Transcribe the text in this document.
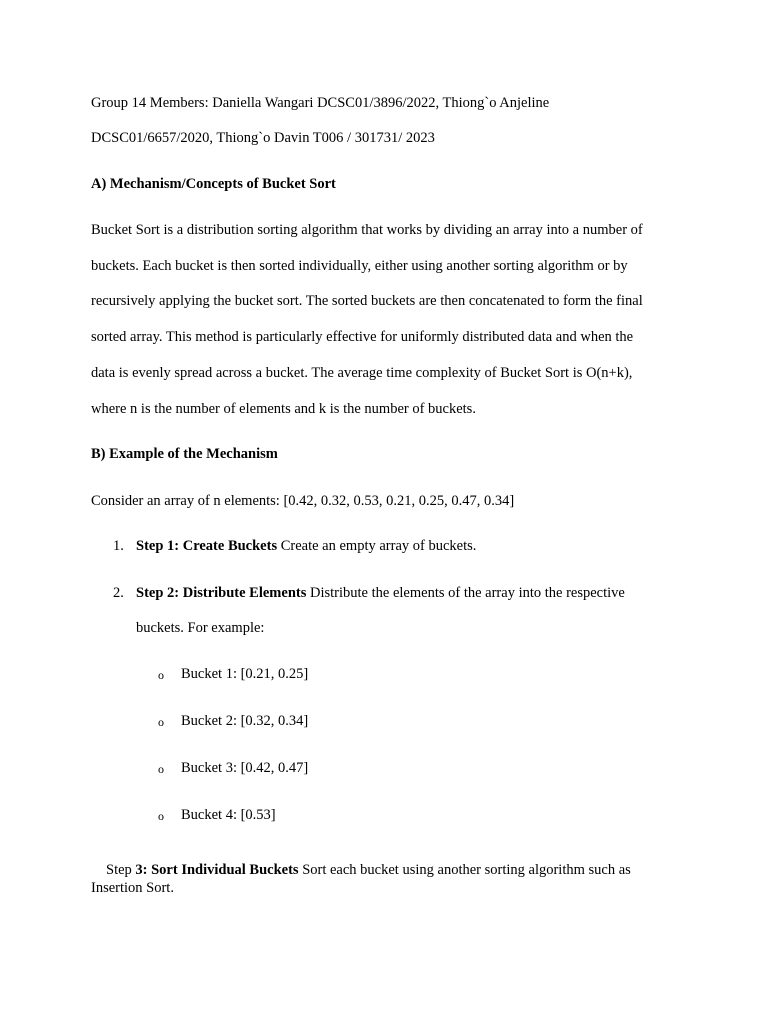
Group 14 Members: Daniella Wangari DCSC01/3896/2022, Thiong`o Anjeline
DCSC01/6657/2020, Thiong`o Davin T006 / 301731/ 2023
A) Mechanism/Concepts of Bucket Sort
Bucket Sort is a distribution sorting algorithm that works by dividing an array into a number of
buckets. Each bucket is then sorted individually, either using another sorting algorithm or by
recursively applying the bucket sort. The sorted buckets are then concatenated to form the final
sorted array. This method is particularly effective for uniformly distributed data and when the
data is evenly spread across a bucket. The average time complexity of Bucket Sort is O(n+k),
where n is the number of elements and k is the number of buckets.
B) Example of the Mechanism
Consider an array of n elements: [0.42, 0.32, 0.53, 0.21, 0.25, 0.47, 0.34]
1. Step 1: Create Buckets Create an empty array of buckets.
2. Step 2: Distribute Elements Distribute the elements of the array into the respective
buckets. For example:
o Bucket 1: [0.21, 0.25]
o Bucket 2: [0.32, 0.34]
o Bucket 3: [0.42, 0.47]
o Bucket 4: [0.53]
Step 3: Sort Individual Buckets Sort each bucket using another sorting algorithm such as
Insertion Sort.
